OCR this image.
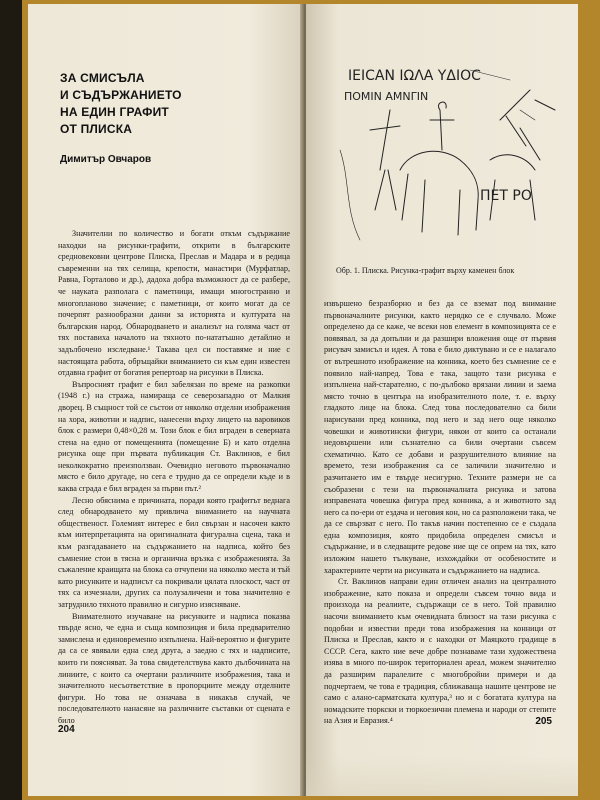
ЗА СМИСЪЛА
И СЪДЪРЖАНИЕТО
НА ЕДИН ГРАФИТ
ОТ ПЛИСКА
Димитър Овчаров

Значителни по количество и богати откъм съдържание находки на рисунки-графити, открити в българските средновековни центрове Плиска, Преслав и Мадара и в редица съвременни на тях селища, крепости, манастири (Мурфатлар, Равна, Горталово и др.), дадоха добра възможност да се разбере, че науката разполага с паметници, имащи многостранно и многопланово значение; с паметници, от които могат да се почерпят разнообразни данни за историята и културата на българския народ. Обнародването и анализът на голяма част от тях поставиха началото на тяхното по-нататъшно детайлно и задълбочено изследване.¹ Такава цел си поставяме и ние с настоящата работа, обръщайки вниманието си към един известен отдавна графит от богатия репертоар на рисунки в Плиска.

Въпросният графит е бил забелязан по време на разкопки (1948 г.) на стража, намираща се северозападно от Малкия дворец. В същност той се състои от няколко отделни изображения на хора, животни и надпис, нанесени върху лицето на варовиков блок с размери 0,48×0,28 м. Този блок е бил вграден в северната стена на едно от помещенията (помещение Б) и като отделна рисунка още при първата публикация Ст. Ваклинов, е бил неколкократно преизползван. Очевидно неговото първоначално място е било другаде, но сега е трудно да се определи къде и в каква сграда е бил вграден за първи път.²

Лесно обяснима е причината, поради която графитът веднага след обнародването му привлича вниманието на научната общественост. Големият интерес е бил свързан и насочен както към интерпретацията на оригиналната фигурална сцена, така и към разгадаването на съдържанието на надписа, който без съмнение стои в тясна и органична връзка с изображенията. За съжаление краищата на блока са отчупени на няколко места и тъй като рисунките и надписът са покривали цялата плоскост, част от тях са изчезнали, других са полузаличени и това значително е затруднило тяхното правилно и сигурно изясняване.

Внимателното изучаване на рисунките и надписа показва твърде ясно, че една и съща композиция и била предварително замислена и единовременно изпълнена. Най-вероятно и фигурите да са се явявали една след друга, а заедно с тях и надписите, които ги поясняват. За това свидетелствува както дълбочината на линиите, с които са очертани различните изображения, така и значителното несъответствие в пропорциите между отделните фигури. Но това не означава в никакъв случай, че последователното нанасяне на различните съставки от сцената е било

204
ΙΕΙCΑΝ ΙΩΛΑ ΥΔΙΟC
ΠΟΜΙΝ ΑΜΝΓΙΝ
ΠΕΤ ΡΟ
Обр. 1. Плиска. Рисунка-графит върху каменен блок

извършено безразборно и без да се вземат под внимание първоначалните рисунки, както нерядко се е случвало. Може определено да се каже, че всеки нов елемент в композицията се е появявал, за да допълни и да разшири вложения още от първия рисувач замисъл и идея. А това е било диктувано и се е налагало от вътрешното изображение на конника, което без съмнение се е появило най-напред. Това е така, защото тази рисунка е изпълнена най-старателно, с по-дълбоко врязани линии и заема място точно в центъра на изобразителното поле, т. е. върху гладкото лице на блока. След това последователно са били нарисувани пред конника, под него и зад него още няколко човешки и животински фигури, някои от които са останали недовършени или съзнателно са били очертани съвсем схематично. Като се добави и разрушителното влияние на времето, тези изображения са се заличили значително и разчитането им е твърде несигурно. Техните размери не са съобразени с тези на първоначалната рисунка и затова изправената човешка фигура пред конника, а и животното зад него са по-ери от ездача и неговия кон, но са разположени така, че да се свързват с него. По такъв начин постепенно се е създала една композиция, която придобила определен смисъл и съдържание, и в следващите редове ние ще се опрем на тях, като изложим нашето тълкуване, изхождайки от особеностите и характерните черти на рисунката и съдържанието на надписа.

Ст. Ваклинов направи един отличен анализ на централното изображение, като показа и определи съвсем точно вида и произхода на реалиите, съдържащи се в него. Той правилно насочи вниманието към очевидната близост на тази рисунка с подобни и известни преди това изображения на конници от Плиска и Преслав, както и с находки от Маяцкото градище в СССР. Сега, както ние вече добре познаваме тази художествена изява в много по-широк териториален ареал, можем значително да разширим паралелите с многобройни примери и да подчертаем, че това е традиция, сближаваща нашите центрове не само с алано-сарматската култура,³ но и с богатата култура на номадските тюркски и тюркоезични племена и народи от степите на Азия и Евразия.⁴	205
